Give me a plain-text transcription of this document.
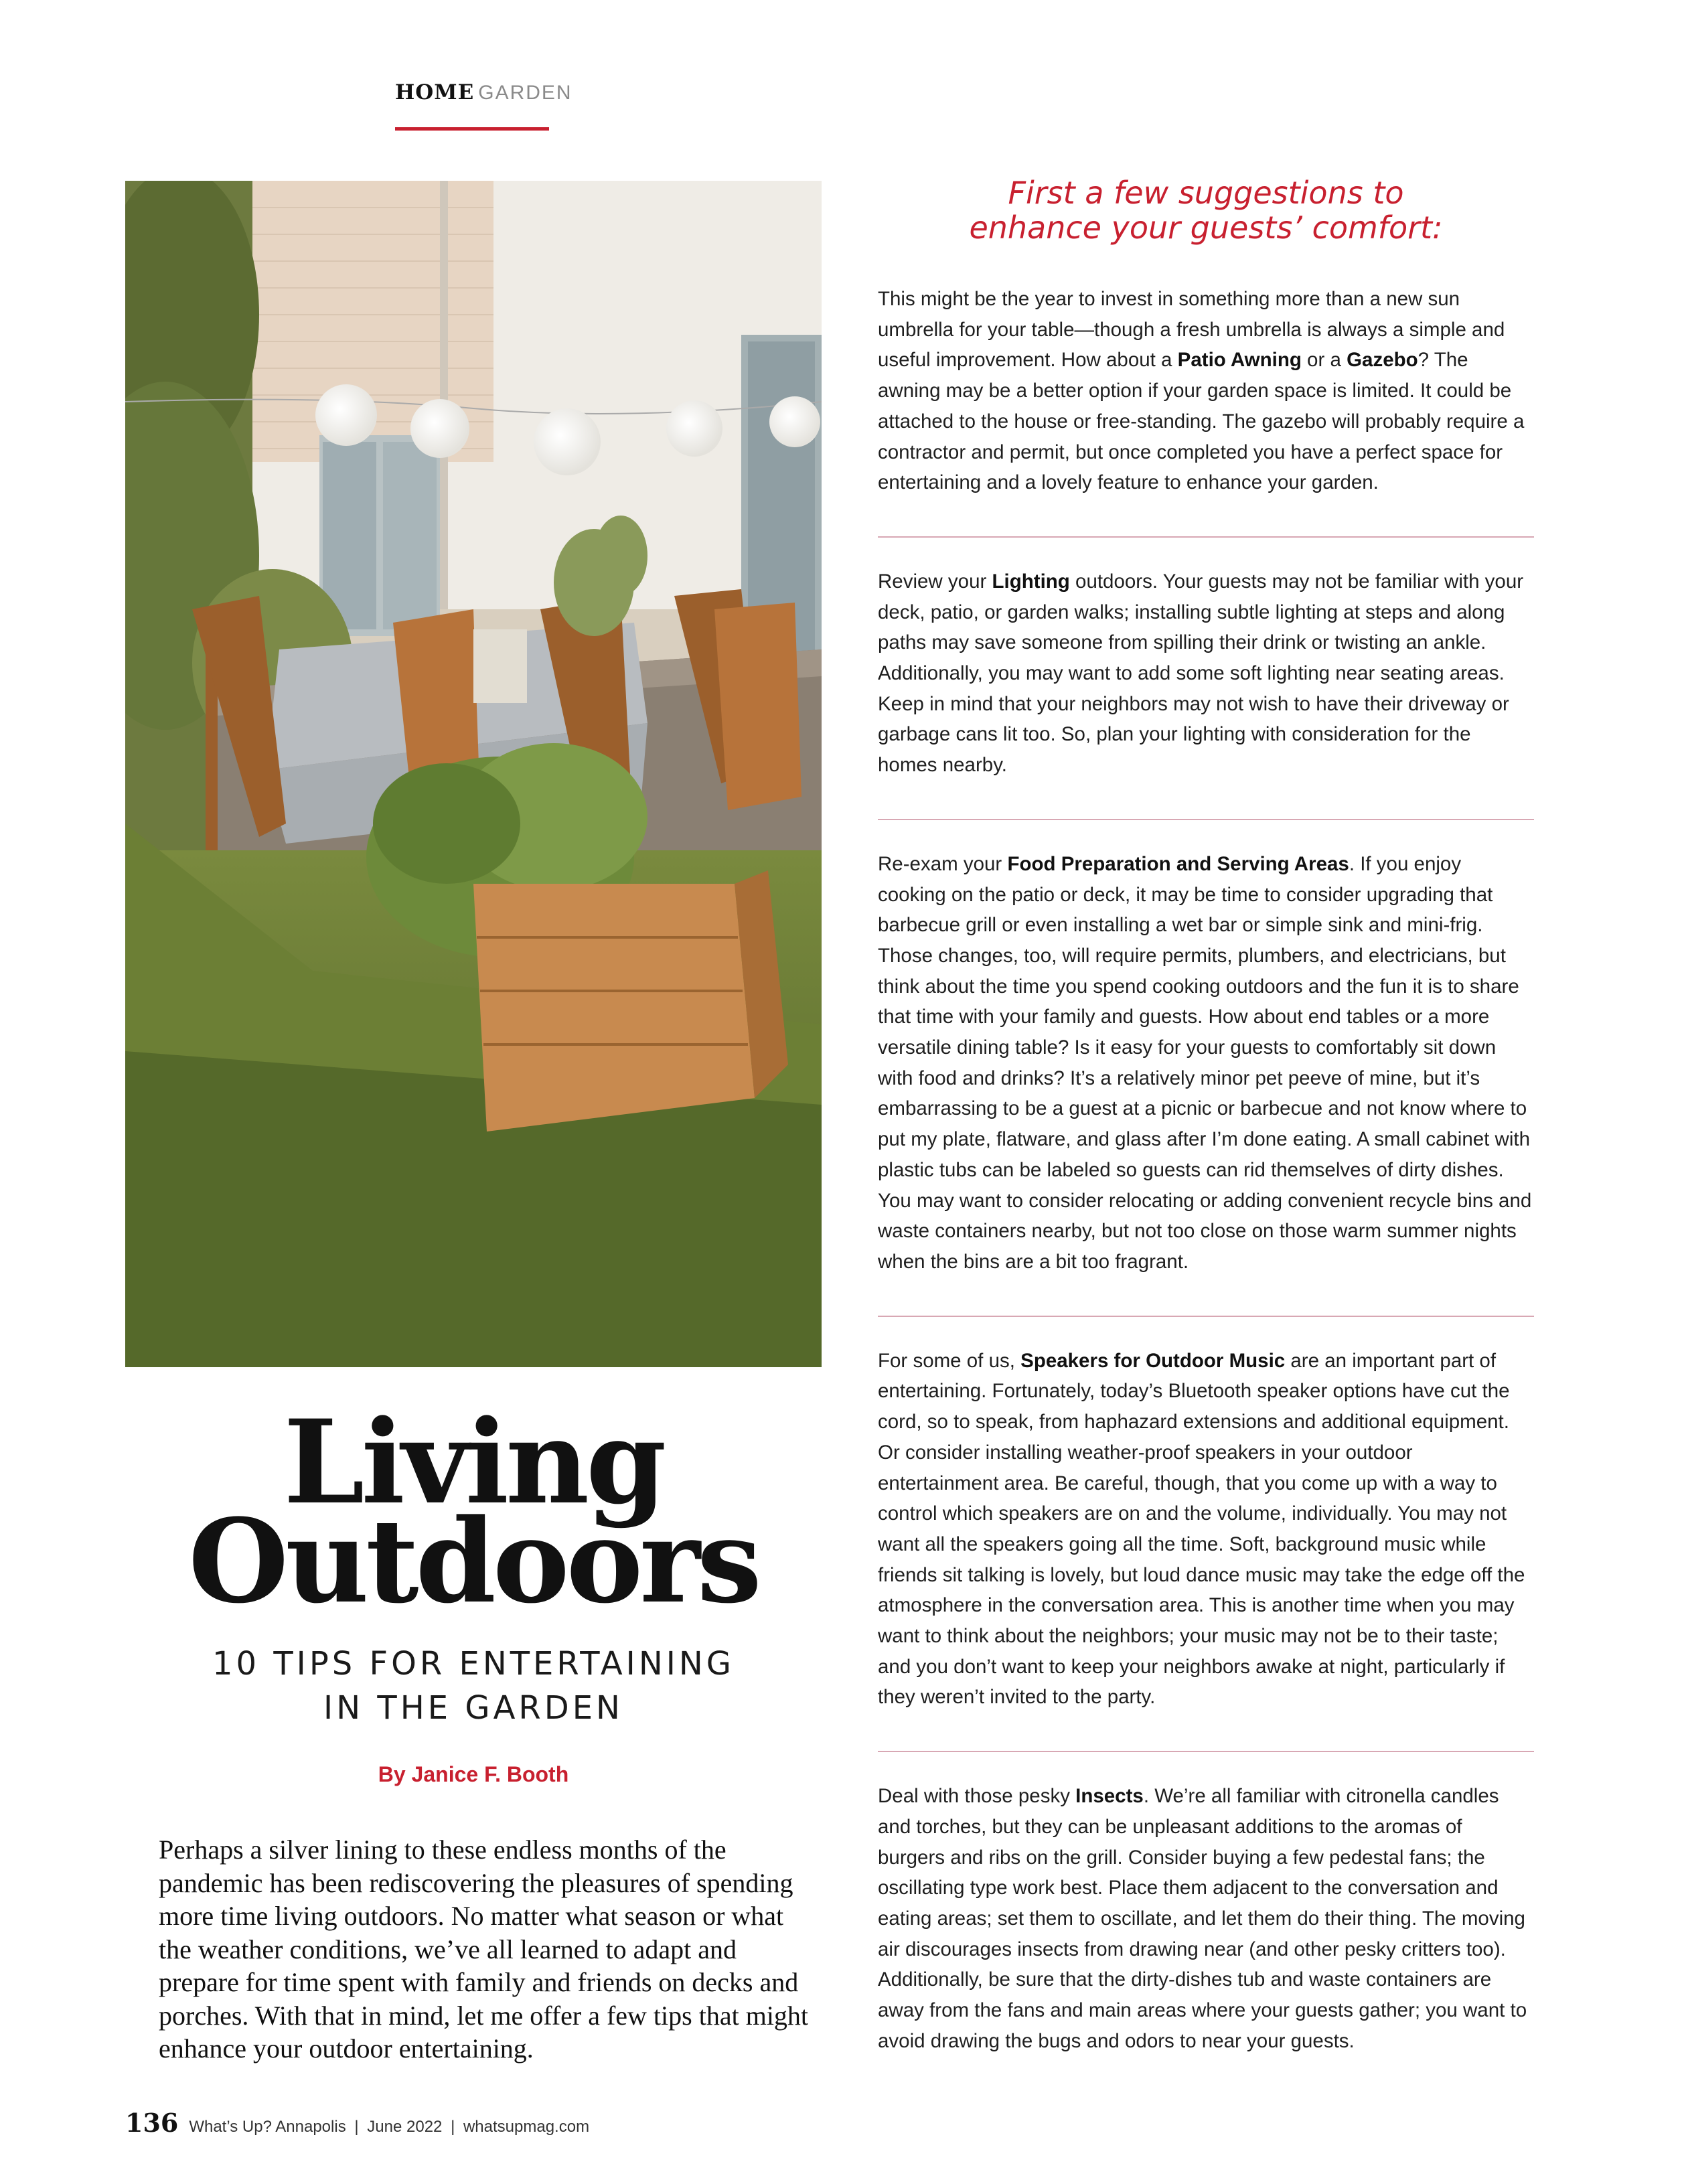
HOME GARDEN
Living
Outdoors
10 TIPS FOR ENTERTAINING
IN THE GARDEN
By Janice F. Booth

Perhaps a silver lining to these endless months of the pandemic has been rediscovering the pleasures of spending more time living outdoors. No matter what season or what the weather conditions, we’ve all learned to adapt and prepare for time spent with family and friends on decks and porches. With that in mind, let me offer a few tips that might enhance your outdoor entertaining.

136 What’s Up? Annapolis | June 2022 | whatsupmag.com
First a few suggestions to
enhance your guests’ comfort:

This might be the year to invest in something more than a new sun umbrella for your table—though a fresh umbrella is always a simple and useful improvement. How about a Patio Awning or a Gazebo? The awning may be a better option if your garden space is limited. It could be attached to the house or free-standing. The gazebo will probably require a contractor and permit, but once completed you have a perfect space for entertaining and a lovely feature to enhance your garden.

Review your Lighting outdoors. Your guests may not be familiar with your deck, patio, or garden walks; installing subtle lighting at steps and along paths may save someone from spilling their drink or twisting an ankle. Additionally, you may want to add some soft lighting near seating areas. Keep in mind that your neighbors may not wish to have their driveway or garbage cans lit too. So, plan your lighting with consideration for the homes nearby.

Re-exam your Food Preparation and Serving Areas. If you enjoy cooking on the patio or deck, it may be time to consider upgrading that barbecue grill or even installing a wet bar or simple sink and mini-frig. Those changes, too, will require permits, plumbers, and electricians, but think about the time you spend cooking outdoors and the fun it is to share that time with your family and guests. How about end tables or a more versatile dining table? Is it easy for your guests to comfortably sit down with food and drinks? It’s a relatively minor pet peeve of mine, but it’s embarrassing to be a guest at a picnic or barbecue and not know where to put my plate, flatware, and glass after I’m done eating. A small cabinet with plastic tubs can be labeled so guests can rid themselves of dirty dishes. You may want to consider relocating or adding convenient recycle bins and waste containers nearby, but not too close on those warm summer nights when the bins are a bit too fragrant.

For some of us, Speakers for Outdoor Music are an important part of entertaining. Fortunately, today’s Bluetooth speaker options have cut the cord, so to speak, from haphazard extensions and additional equipment. Or consider installing weather-proof speakers in your outdoor entertainment area. Be careful, though, that you come up with a way to control which speakers are on and the volume, individually. You may not want all the speakers going all the time. Soft, background music while friends sit talking is lovely, but loud dance music may take the edge off the atmosphere in the conversation area. This is another time when you may want to think about the neighbors; your music may not be to their taste; and you don’t want to keep your neighbors awake at night, particularly if they weren’t invited to the party.

Deal with those pesky Insects. We’re all familiar with citronella candles and torches, but they can be unpleasant additions to the aromas of burgers and ribs on the grill. Consider buying a few pedestal fans; the oscillating type work best. Place them adjacent to the conversation and eating areas; set them to oscillate, and let them do their thing. The moving air discourages insects from drawing near (and other pesky critters too). Additionally, be sure that the dirty-dishes tub and waste containers are away from the fans and main areas where your guests gather; you want to avoid drawing the bugs and odors to near your guests.
